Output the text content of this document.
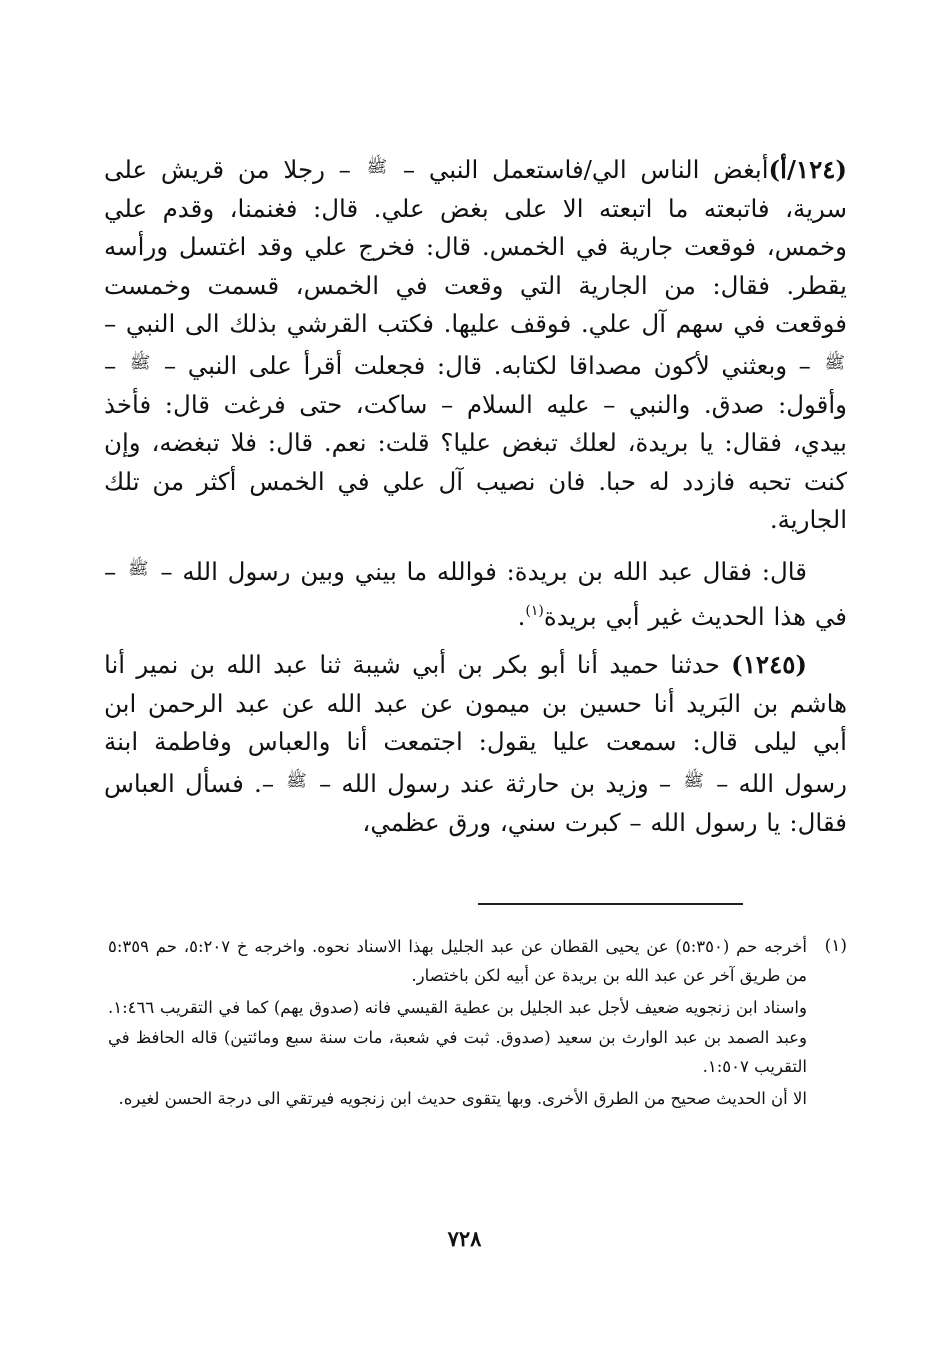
(١٢٤/أ)أبغض الناس الي/فاستعمل النبي – $^ﷺ$ – رجلا من قريش على سرية، فاتبعته ما اتبعته الا على بغض علي. قال: فغنمنا، وقدم علي وخمس، فوقعت جارية في الخمس. قال: فخرج علي وقد اغتسل ورأسه يقطر. فقال: من الجارية التي وقعت في الخمس، قسمت وخمست فوقعت في سهم آل علي. فوقف عليها. فكتب القرشي بذلك الى النبي – $^ﷺ$ – وبعثني لأكون مصداقا لكتابه. قال: فجعلت أقرأ على النبي – $^ﷺ$ – وأقول: صدق. والنبي – عليه السلام – ساكت، حتى فرغت قال: فأخذ بيدي، فقال: يا بريدة، لعلك تبغض عليا؟ قلت: نعم. قال: فلا تبغضه، وإن كنت تحبه فازدد له حبا. فان نصيب آل علي في الخمس أكثر من تلك الجارية.

قال: فقال عبد الله بن بريدة: فوالله ما بيني وبين رسول الله – $^ﷺ$ – في هذا الحديث غير أبي بريدة$^{(١)}$.

(١٢٤٥) حدثنا حميد أنا أبو بكر بن أبي شيبة ثنا عبد الله بن نمير أنا هاشم بن البَريد أنا حسين بن ميمون عن عبد الله عن عبد الرحمن ابن أبي ليلى قال: سمعت عليا يقول: اجتمعت أنا والعباس وفاطمة ابنة رسول الله – $^ﷺ$ – وزيد بن حارثة عند رسول الله – $^ﷺ$ –. فسأل العباس فقال: يا رسول الله – كبرت سني، ورق عظمي،

(١)

أخرجه حم (٥:٣٥٠) عن يحيى القطان عن عبد الجليل بهذا الاسناد نحوه. واخرجه خ ٥:٢٠٧، حم ٥:٣٥٩ من طريق آخر عن عبد الله بن بريدة عن أبيه لكن باختصار.

واسناد ابن زنجويه ضعيف لأجل عبد الجليل بن عطية القيسي فانه (صدوق يهم) كما في التقريب ١:٤٦٦. وعبد الصمد بن عبد الوارث بن سعيد (صدوق. ثبت في شعبة، مات سنة سبع ومائتين) قاله الحافظ في التقريب ١:٥٠٧.

الا أن الحديث صحيح من الطرق الأخرى. وبها يتقوى حديث ابن زنجويه فيرتقي الى درجة الحسن لغيره.

٧٢٨
